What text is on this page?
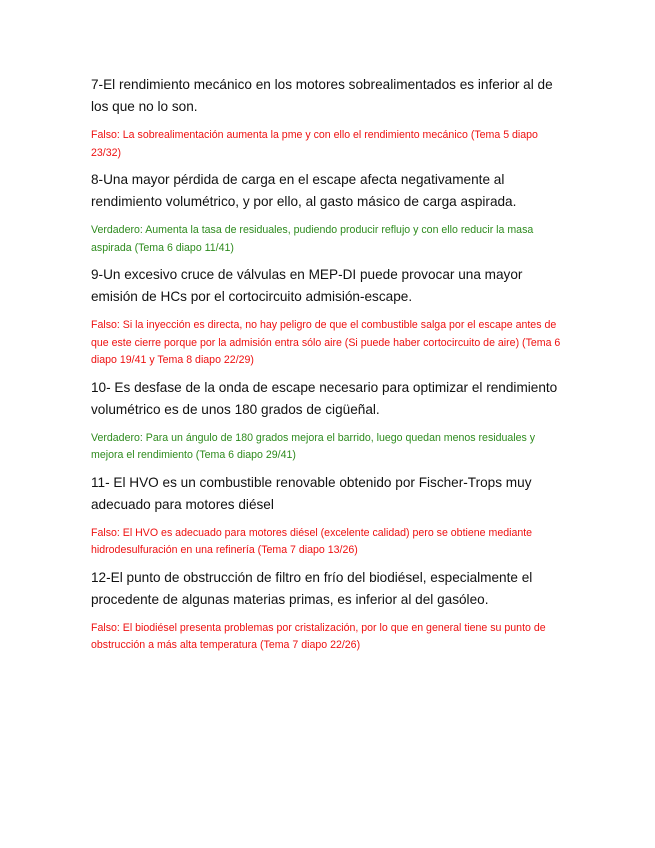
7-El rendimiento mecánico en los motores sobrealimentados es inferior al de los que no lo son.

Falso: La sobrealimentación aumenta la pme y con ello el rendimiento mecánico (Tema 5 diapo 23/32)

8-Una mayor pérdida de carga en el escape afecta negativamente al rendimiento volumétrico, y por ello, al gasto másico de carga aspirada.

Verdadero: Aumenta la tasa de residuales, pudiendo producir reflujo y con ello reducir la masa aspirada (Tema 6 diapo 11/41)

9-Un excesivo cruce de válvulas en MEP-DI puede provocar una mayor emisión de HCs por el cortocircuito admisión-escape.

Falso: Si la inyección es directa, no hay peligro de que el combustible salga por el escape antes de que este cierre porque por la admisión entra sólo aire (Si puede haber cortocircuito de aire) (Tema 6 diapo 19/41 y Tema 8 diapo 22/29)

10- Es desfase de la onda de escape necesario para optimizar el rendimiento volumétrico es de unos 180 grados de cigüeñal.

Verdadero: Para un ángulo de 180 grados mejora el barrido, luego quedan menos residuales y mejora el rendimiento (Tema 6 diapo 29/41)

11- El HVO es un combustible renovable obtenido por Fischer-Trops muy adecuado para motores diésel

Falso: El HVO es adecuado para motores diésel (excelente calidad) pero se obtiene mediante hidrodesulfuración en una refinería (Tema 7 diapo 13/26)

12-El punto de obstrucción de filtro en frío del biodiésel, especialmente el procedente de algunas materias primas, es inferior al del gasóleo.

Falso: El biodiésel presenta problemas por cristalización, por lo que en general tiene su punto de obstrucción a más alta temperatura (Tema 7 diapo 22/26)
